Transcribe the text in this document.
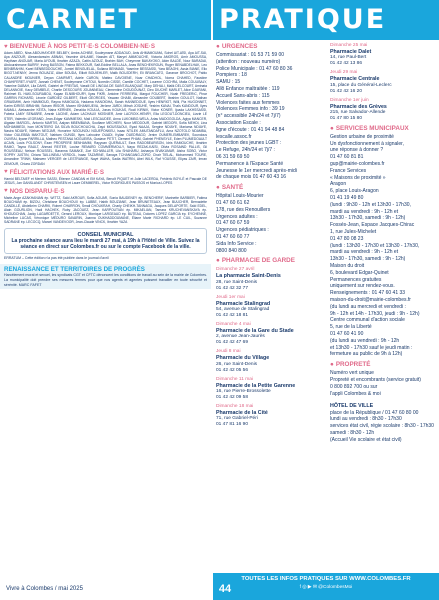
CARNET
♥ BIENVENUE À NOS PETIT·E·S COLOMBIEN·NE·S
Adam ABED, Nina ABOUHAYDER BELBEY, Amira ACHIBE, Souleymane ADDAOUD, Anis AHMAMOUMA, Sohel AIT-AÏSI, Aya AIT-SAI, Aya ANZOUR, Alexandarssim ABNAN, Yasmine AHLAME, Nassim AÏT, Maryel AMMOUCHE, Victoria AMOROS, Amir AMOUSSA, Haytham ANOUAR, Maria AYOUB, Ibrahim AZAZA, Cattin AZOUZ, Brahim BAH, Cheyenne BAKAYOKO, Akim BALDÉ, Nour BARADAI, Abdourahmane BARRY, Irving BASSON, Fatma BEKKOUR, Saif-Eddine BELLALA, Anas BENCHEKROUN, Ruger BENABDELHAK, Leo BENBRAHIM, Karel BENBEDDOUCHE, Jomiel BENGUELAL, Suliana BENMADI, Yasmine BESSASSI, Yara BEAGHI, Assia BIANE, Elio BIGOT-NENNY, Jenna BOUAZIZ, Alice BOUDA, Elliott BOUIEHLER, Malik BOUJDERH, Eli BRANCATO, Garance BROCHOT, Pablo CALANDRE MOUNIER, Deyan CAMPART, Adele CARON, Matteo CAVOIENE, Noar CHADHOL, Noma CHAHED, Faustine CHAHIFERET-VYART, Jannah CHENIT, Souleymane CHTOUI, Noredin CISSE, Camille COCHET, Lourene COCHRA, Malia COULIBALY, Yasmine DABAH, Lila DAHS, Gabriel de FREITAS, Vassili DE LINGUA DE SAINT-BLANQUAT, Mary DEHALI, Malik DELCOURT, Aminata DELANNOIE, Kacy DEMBELE, Charlie DESCOURS JOUANNEAU, Clementine DIOUDOUNAT, Cleo DIUCHÉ MARLET, Alice DJARANI, Rahimet EL HAKI-SOURABOU, Kapan ELNIBHOURY, Ilyas FIKRI, Antoine FERREIRA, Margot FOUCHER, Noah FREDERIC, Pinar GARRIN RICHARD, Léonie GARDIEZ GILBERT, Eliott GEORGES, Yaswan GHABI, Alexandre GOUBERT, Ibrahim GOULOT, Nathan GRIASMIHI, Amir HAMMOUD, Rayna HAMOUDA, Hadama HANOIDHA, Sarah HANNEDOUE, Ilyes HENRIOT, Willi, Pia HUGONNET, Karim IDRISS IBRAHIM, Soham IRISOR, Maxen ISHANKUEVA, Jérôme JARDI, Mitrah JOSUHE, Yeshim KANAI, Thaïs KANDOUR, Ilyes KAMALI, Aleksandre KEITA, Naira KERNEK, Zenaïda KOULIA, Jonas KOUKAS, Rocil KIRNIK, Victor KONER, Ijoada LAKHSSASSI, Fabeia LAMY SENABRE, Amrah LACINE, Adam LACHAUX MOSNIER, Amir LACROIX-HENRY, Elia LEGOUT-DONCIEU, Lizzie LE STER, Valentin LEGRAND, Jean-Edgar KAMMIESKI, Mali LESCAUDEE, Anna LUKOMBO-WELA, Arias MADOGOLDA, Agiya MANCER, Aigatan MARCEL, Antonio MARTIS, Aalyan MBEMBANA, Soufiane MECHERI, Nour MEDDOUR, Gabriel MEDORI, Sofia MEHDI, Lina MOHAMMEDI, Ivan MONTEIRO DA SILVA BOUCHOUCHA, Zayd MOUSSAOUI, Eyad NAAJA, Sergine NDIAYE, Mariama NDIAYE, Nasira NDIAYE, Nielsen NEDJAR, Honorine NGOUNOU NGUEPONKEU, Isaac NTILEK AMUTANDAFLU, Ama NZOTOLO NDAMBA, Victor OULEBBA MAKTOUT, Nahtam OUNIDI, Ilyes Lahouine OUADI, Kylian OUEDRAGO, Jenim OUMERI-EMBAREK, Soundous OUVRAI, Ilyane PARRILLA, Matheo PESTANA NOGUEIRA, Gustave PETIT, Clement PHAM, Gabriel PHENSYLE, Eden PLUMEDOAULT ACAIN, Louis POLSONY, Ézan PROSPERE BENHAMMI, Rayyoan QUERAULT, Ezra RADOBEARISON, Idris RAMOUCHE, Ibrahim RAMO, Tayna RAULT, Ahmad REITER, Louise REMARD COMMERMOLLY, Naya REZAK-KAÏSI, Olivia ROSAIND PALLIS, Gil ROUSSEAU, Nelson ROUSSEL, Baranna SAMAKE, Zoé SCHWALLER, Lila SHAHARU, Ashanya SIVAKUMAR, Aisha SOBO, Victor SOPRY JUSTIN, Chiara TAILLINEAU VERDOL, Isaac TAZARINE, Sanaya TCHANGANG-ZORO, Chair TIELAL, Mohammed TOURE, Amandine TRINH, Malewen VERGER de LESTRANGE, Nayé WAHA, Sadia WATRIN, Abel WILK, Raf YOUSSE, Eliyas ZAIR, Imran ZEMOUR, Chiara ZORDAN
♥ FÉLICITATIONS AUX MARIÉ·E·S
Hamid BELTAIEF et Meriem SASSI, Étienne CANDAN et Elif KAYA, Benoît PIQUET et Julie LACERDA, Frédéric BOYLÉ et Pascale DE JESUS, Jan GANSLANDT CHRISTENSEN et Laure DEMMEREL, Victor RODRIGUES PASSOS et Monica LOPES
♥ NOS DISPARU·E·S
Marie-Ange AZAKHANIAN ép. WITTZ, Saïd AKROUR, Sofia AOUAR, Sonia BAUDENEY ép. BENCHERIF, Marinette BARBIER, Fatima BOUCHAMI ép. BIZOU, Christiane BOUCHOUX ép. LABBE, Habib BOUZIANE, Jean BRUNETEAUX, Jean BUUCHER, Bernadette CANDILLÉ, Abdelkrim CHARKI, Robert CHARRON, Smail CHOUKRAH, Charly CHEIKH-TANNAGU, Jacques DELAPORTE, Saïd EDEL, Alain GOURLION, Hadi HACHEK, Ruby JACOUEZ, Jean KARPOUTIAN ép. MIKAELIAN, Tamara KRUCHEVANSKAYA ép. KHOUDCHAN, Jacky LAGARDETTE, Gerard LEROUX, Monique LARGEAUD ép. BUTEAU, Dolores LOPEZ GARCIA ép. EYCHENNE, Micheline LUCAS, Véronique MÉDURO SAVARIN, Joanna OUKHADDOUMANE, Éliane Marie RICHARD ép. LE CUIL, Suzanne SADRANE ép. LECOCQ, Marcel VANDEVOOR, Jean-Claude VINCK, Ibrahim YAZA
CONSEIL MUNICIPAL
La prochaine séance aura lieu le mardi 27 mai, à 19h à l'Hôtel de Ville. Suivez la séance en direct sur Colombes.fr ou sur le compte Facebook de la ville.
ERRATUM – Cette édition n'a pas été publiée dans le journal d'avril
RENAISSANCE ET TERRITOIRES DE PROGRÈS
Harcèlement moral et sexuel, les syndicats CGT et CFTC dénoncent les conditions de travail au sein de la mairie de Colombes. La municipalité doit prendre ses mesures fermes pour que nos agents et agentes puissent travailler en toute sécurité et sérénité. MARC FAFET
PRATIQUE
● URGENCES
Commissariat : 01 53 71 59 00
(attention : nouveau numéro)
Police Municipale : 01 47 60 80 36
Pompiers : 18
SAMU : 15
Allô Enfance maltraitée : 119
Accueil Sans-abris : 115
Violences faites aux femmes
Violences Femmes info : 39 19
(n° accessible 24h/24 et 7j/7)
Association Escale :
ligne d'écoute : 01 41 94 48 84
lescalle.assoc.fr
Protection des jeunes LGBT :
Le Refuge, 24h/24 et 7j/7 :
06 31 59 69 50
Permanence à l'Espace Santé
Jeunesse le 1er mercredi après-midi
de chaque mois 01 47 60 43 16
● SANTÉ
Hôpital Louis-Mourier
01 47 60 61 62
178, rue des Renouillers
Urgences adultes :
01 47 60 67 59
Urgences pédiatriques :
01 47 60 60 77
Sida Info Service :
0800 840 800
● PHARMACIE DE GARDE
Dimanche 27 avril
La pharmacie Saint-Denis
28, rue Saint-Denis
01 42 42 32 77
Jeudi 1er mai
Pharmacie Stalingrad
54, avenue de Stalingrad
01 42 42 18 81
Dimanche 4 mai
Pharmacie de la Gare du Stade
2, avenue Jean-Jaurès
01 42 42 47 69
Jeudi 8 mai
Pharmacie du Village
26, rue Saint-Denis
01 42 42 05 56
Dimanche 11 mai
Pharmacie de la Petite Garenne
16, rue Pierre-Brossolette
01 42 42 09 58
Dimanche 18 mai
Pharmacie de la Cité
71, rue Gabriel-Péri
01 47 81 16 90
Dimanche 25 mai
Pharmacie Dalet
14, rue Paul-Bert
01 42 42 13 86
Jeudi 29 mai
Pharmacie Centrale
15, place du Général-Leclerc
01 42 42 16 20
Dimanche 1er juin
Pharmacie des Grèves
215, rue Salvador-Allende
01 47 80 15 80
● SERVICES MUNICIPAUX
Gestion urbaine de proximité
Un dysfonctionnement à signaler,
une réponse à donner ?
01 47 60 81 81
gup@mairie-colombes.fr
France Services
« Maisons de proximité »
Aragon
6, place Louis-Aragon
01 41 19 49 80
(lundi : 9h30 - 12h et 13h30 - 17h30,
mardi au vendredi : 9h - 12h et
13h30 - 17h30, samedi : 9h - 12h)
Fossés-Jean, Espace Jacques-Chirac
1, rue Jules-Michelet
01 47 80 08 23
(lundi : 13h30 - 17h30 et 13h30 - 17h30,
mardi au vendredi : 9h - 12h et
13h30 - 17h30, samedi : 9h - 12h)
Maison du droit
6, boulevard Edgar-Quinet
Permanences gratuites
uniquement sur rendez-vous.
Renseignements : 01 47 60 41 33
maison-du-droit@mairie-colombes.fr
(du lundi au mercredi et vendredi :
9h - 12h et 14h - 17h30, jeudi : 9h - 12h)
Centre communal d'action sociale
5, rue de la Liberté
01 47 60 41 90
(du lundi au vendredi : 9h - 12h
et 13h30 - 17h30 sauf le jeudi matin :
fermeture au public de 9h à 12h)
● PROPRETÉ
Numéro vert unique
Propreté et encombrants (service gratuit)
0 800 892 700 ou sur
l'appli Colombes & moi
HÔTEL DE VILLE
place de la République / 01 47 60 80 00
lundi au vendredi : 8h30 - 17h30
services état civil, régie scolaire : 8h30 - 17h30
samedi : 8h30 - 12h
(Accueil Vie scolaire et état civil)
TOUTES LES INFOS PRATIQUES SUR WWW.COLOMBES.FR
f ◎ ▶ ✉ @ColombesMoi
Vivre à Colombes / mai 2025	44
